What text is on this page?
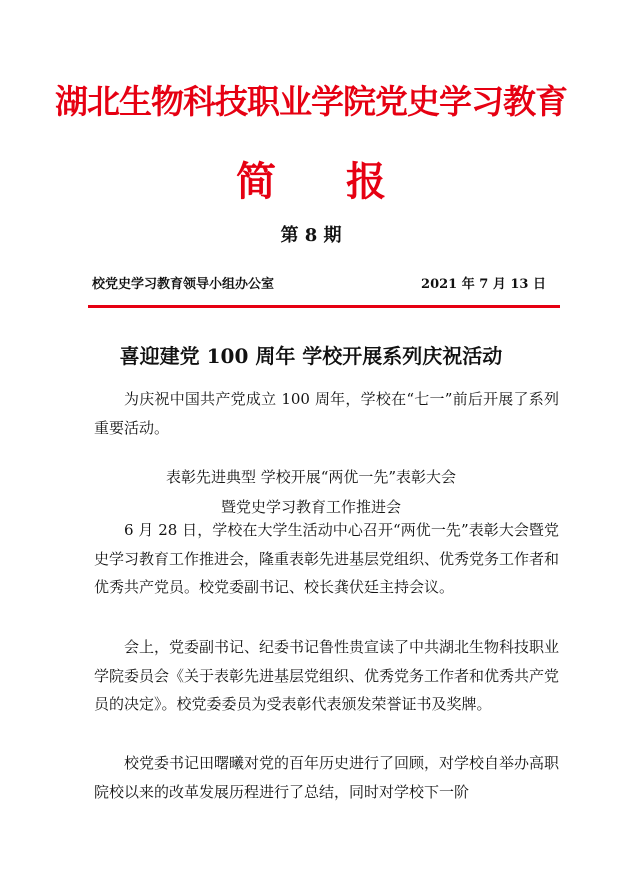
湖北生物科技职业学院党史学习教育
简报
第 8 期
校党史学习教育领导小组办公室	2021 年 7 月 13 日
喜迎建党 100 周年 学校开展系列庆祝活动

为庆祝中国共产党成立 100 周年，学校在“七一”前后开展了系列重要活动。

表彰先进典型 学校开展“两优一先”表彰大会
暨党史学习教育工作推进会

6 月 28 日，学校在大学生活动中心召开“两优一先”表彰大会暨党史学习教育工作推进会，隆重表彰先进基层党组织、优秀党务工作者和优秀共产党员。校党委副书记、校长龚伏廷主持会议。

会上，党委副书记、纪委书记鲁性贵宣读了中共湖北生物科技职业学院委员会《关于表彰先进基层党组织、优秀党务工作者和优秀共产党员的决定》。校党委委员为受表彰代表颁发荣誉证书及奖牌。

校党委书记田曙曦对党的百年历史进行了回顾，对学校自举办高职院校以来的改革发展历程进行了总结，同时对学校下一阶
